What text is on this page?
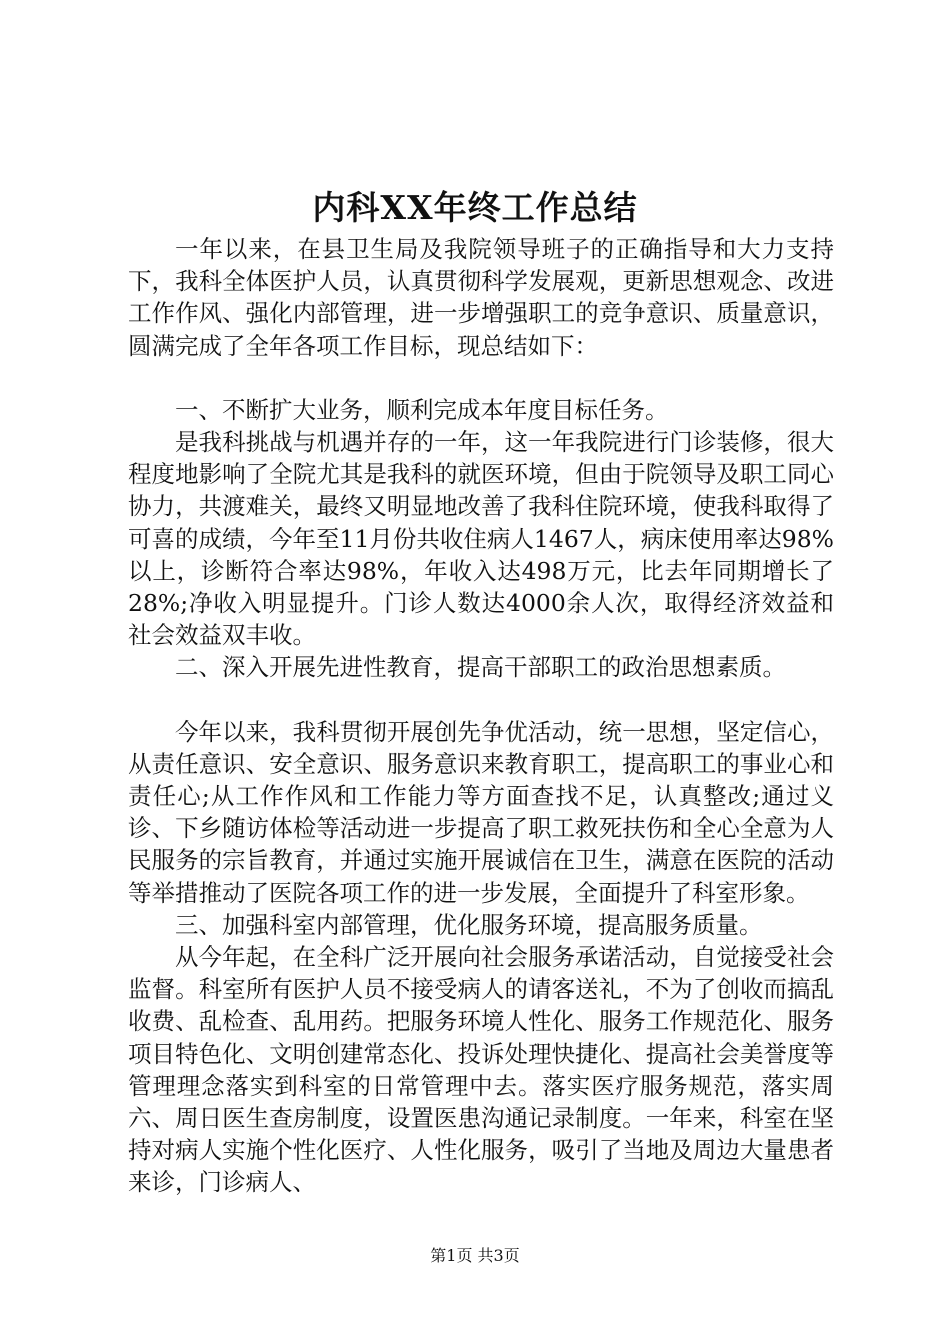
内科XX年终工作总结

一年以来，在县卫生局及我院领导班子的正确指导和大力支持下，我科全体医护人员，认真贯彻科学发展观，更新思想观念、改进工作作风、强化内部管理，进一步增强职工的竞争意识、质量意识，圆满完成了全年各项工作目标，现总结如下：

一、不断扩大业务，顺利完成本年度目标任务。

是我科挑战与机遇并存的一年，这一年我院进行门诊装修，很大程度地影响了全院尤其是我科的就医环境，但由于院领导及职工同心协力，共渡难关，最终又明显地改善了我科住院环境，使我科取得了可喜的成绩，今年至11月份共收住病人1467人，病床使用率达98%以上，诊断符合率达98%，年收入达498万元，比去年同期增长了28%;净收入明显提升。门诊人数达4000余人次，取得经济效益和社会效益双丰收。

二、深入开展先进性教育，提高干部职工的政治思想素质。

今年以来，我科贯彻开展创先争优活动，统一思想，坚定信心，从责任意识、安全意识、服务意识来教育职工，提高职工的事业心和责任心;从工作作风和工作能力等方面查找不足，认真整改;通过义诊、下乡随访体检等活动进一步提高了职工救死扶伤和全心全意为人民服务的宗旨教育，并通过实施开展诚信在卫生，满意在医院的活动等举措推动了医院各项工作的进一步发展，全面提升了科室形象。

三、加强科室内部管理，优化服务环境，提高服务质量。

从今年起，在全科广泛开展向社会服务承诺活动，自觉接受社会监督。科室所有医护人员不接受病人的请客送礼，不为了创收而搞乱收费、乱检查、乱用药。把服务环境人性化、服务工作规范化、服务项目特色化、文明创建常态化、投诉处理快捷化、提高社会美誉度等管理理念落实到科室的日常管理中去。落实医疗服务规范，落实周六、周日医生查房制度，设置医患沟通记录制度。一年来，科室在坚持对病人实施个性化医疗、人性化服务，吸引了当地及周边大量患者来诊，门诊病人、

第1页 共3页
